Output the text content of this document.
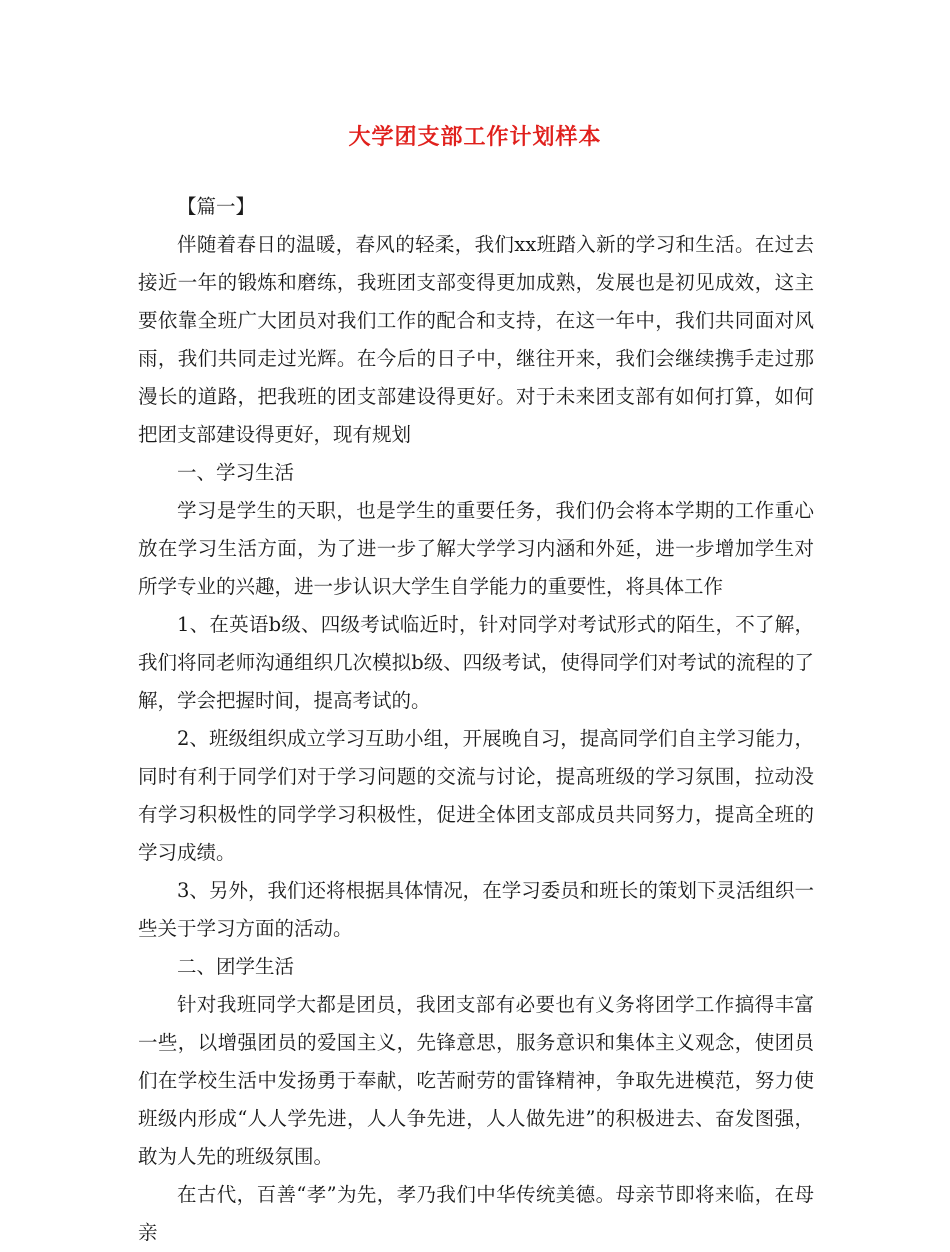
大学团支部工作计划样本

【篇一】

伴随着春日的温暖，春风的轻柔，我们xx班踏入新的学习和生活。在过去接近一年的锻炼和磨练，我班团支部变得更加成熟，发展也是初见成效，这主要依靠全班广大团员对我们工作的配合和支持，在这一年中，我们共同面对风雨，我们共同走过光辉。在今后的日子中，继往开来，我们会继续携手走过那漫长的道路，把我班的团支部建设得更好。对于未来团支部有如何打算，如何把团支部建设得更好，现有规划

一、学习生活

学习是学生的天职，也是学生的重要任务，我们仍会将本学期的工作重心放在学习生活方面，为了进一步了解大学学习内涵和外延，进一步增加学生对所学专业的兴趣，进一步认识大学生自学能力的重要性，将具体工作

1、在英语b级、四级考试临近时，针对同学对考试形式的陌生，不了解，我们将同老师沟通组织几次模拟b级、四级考试，使得同学们对考试的流程的了解，学会把握时间，提高考试的。

2、班级组织成立学习互助小组，开展晚自习，提高同学们自主学习能力，同时有利于同学们对于学习问题的交流与讨论，提高班级的学习氛围，拉动没有学习积极性的同学学习积极性，促进全体团支部成员共同努力，提高全班的学习成绩。

3、另外，我们还将根据具体情况，在学习委员和班长的策划下灵活组织一些关于学习方面的活动。

二、团学生活

针对我班同学大都是团员，我团支部有必要也有义务将团学工作搞得丰富一些，以增强团员的爱国主义，先锋意思，服务意识和集体主义观念，使团员们在学校生活中发扬勇于奉献，吃苦耐劳的雷锋精神，争取先进模范，努力使班级内形成“人人学先进，人人争先进，人人做先进”的积极进去、奋发图强，敢为人先的班级氛围。

在古代，百善“孝”为先，孝乃我们中华传统美德。母亲节即将来临，在母亲
